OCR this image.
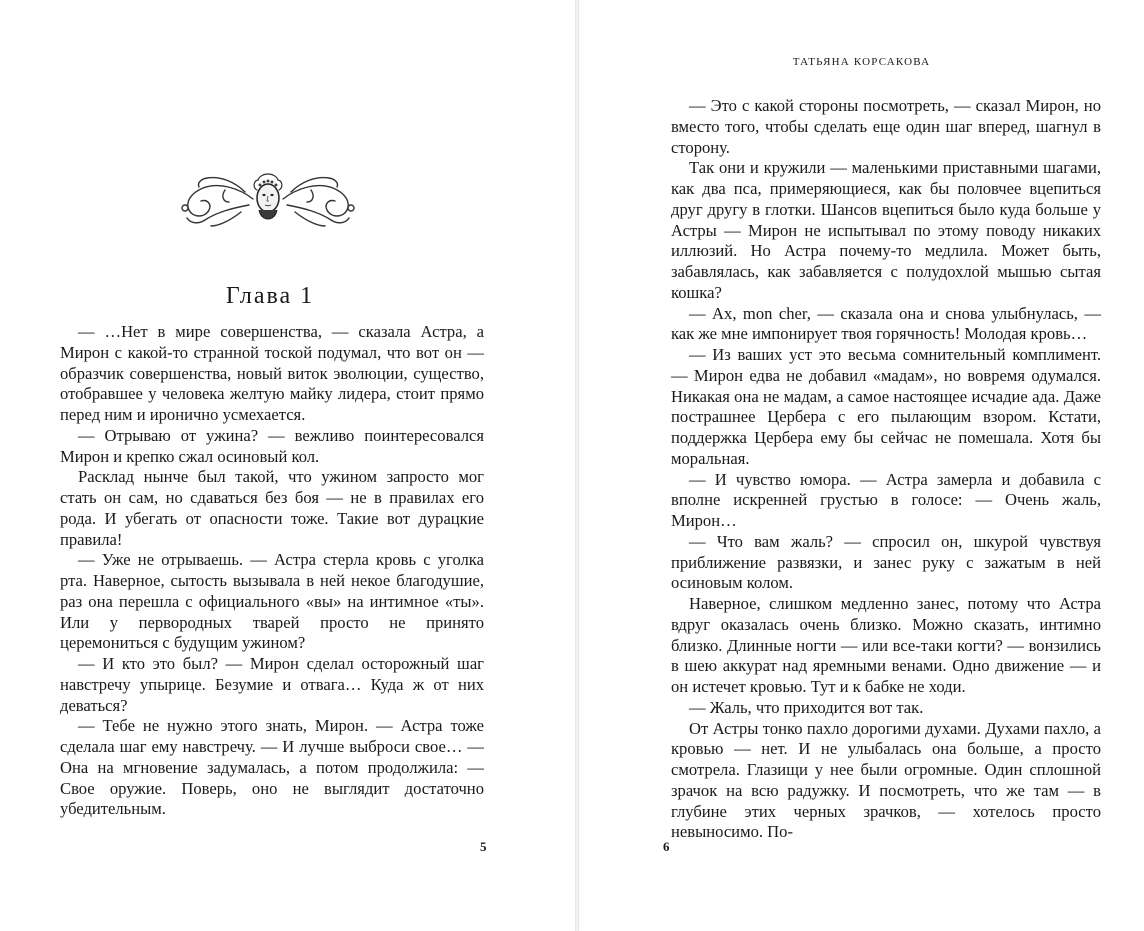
Глава 1

— …Нет в мире совершенства, — сказала Астра, а Мирон с какой-то странной тоской подумал, что вот он — образчик совершенства, новый виток эволюции, существо, отобравшее у человека желтую майку лидера, стоит прямо перед ним и иронично усмехается.

— Отрываю от ужина? — вежливо поинтересовался Мирон и крепко сжал осиновый кол.

Расклад нынче был такой, что ужином запросто мог стать он сам, но сдаваться без боя — не в правилах его рода. И убегать от опасности тоже. Такие вот дурацкие правила!

— Уже не отрываешь. — Астра стерла кровь с уголка рта. Наверное, сытость вызывала в ней некое благодушие, раз она перешла с официального «вы» на интимное «ты». Или у первородных тварей просто не принято церемониться с будущим ужином?

— И кто это был? — Мирон сделал осторожный шаг навстречу упырице. Безумие и отвага… Куда ж от них деваться?

— Тебе не нужно этого знать, Мирон. — Астра тоже сделала шаг ему навстречу. — И лучше выброси свое… — Она на мгновение задумалась, а потом продолжила: — Свое оружие. Поверь, оно не выглядит достаточно убедительным.

5
ТАТЬЯНА КОРСАКОВА

— Это с какой стороны посмотреть, — сказал Мирон, но вместо того, чтобы сделать еще один шаг вперед, шагнул в сторону.

Так они и кружили — маленькими приставными шагами, как два пса, примеряющиеся, как бы половчее вцепиться друг другу в глотки. Шансов вцепиться было куда больше у Астры — Мирон не испытывал по этому поводу никаких иллюзий. Но Астра почему-то медлила. Может быть, забавлялась, как забавляется с полудохлой мышью сытая кошка?

— Ах, mon cher, — сказала она и снова улыбнулась, — как же мне импонирует твоя горячность! Молодая кровь…

— Из ваших уст это весьма сомнительный комплимент. — Мирон едва не добавил «мадам», но вовремя одумался. Никакая она не мадам, а самое настоящее исчадие ада. Даже пострашнее Цербера с его пылающим взором. Кстати, поддержка Цербера ему бы сейчас не помешала. Хотя бы моральная.

— И чувство юмора. — Астра замерла и добавила с вполне искренней грустью в голосе: — Очень жаль, Мирон…

— Что вам жаль? — спросил он, шкурой чувствуя приближение развязки, и занес руку с зажатым в ней осиновым колом.

Наверное, слишком медленно занес, потому что Астра вдруг оказалась очень близко. Можно сказать, интимно близко. Длинные ногти — или все-таки когти? — вонзились в шею аккурат над яремными венами. Одно движение — и он истечет кровью. Тут и к бабке не ходи.

— Жаль, что приходится вот так.

От Астры тонко пахло дорогими духами. Духами пахло, а кровью — нет. И не улыбалась она больше, а просто смотрела. Глазищи у нее были огромные. Один сплошной зрачок на всю радужку. И посмотреть, что же там — в глубине этих черных зрачков, — хотелось просто невыносимо. По-

6
